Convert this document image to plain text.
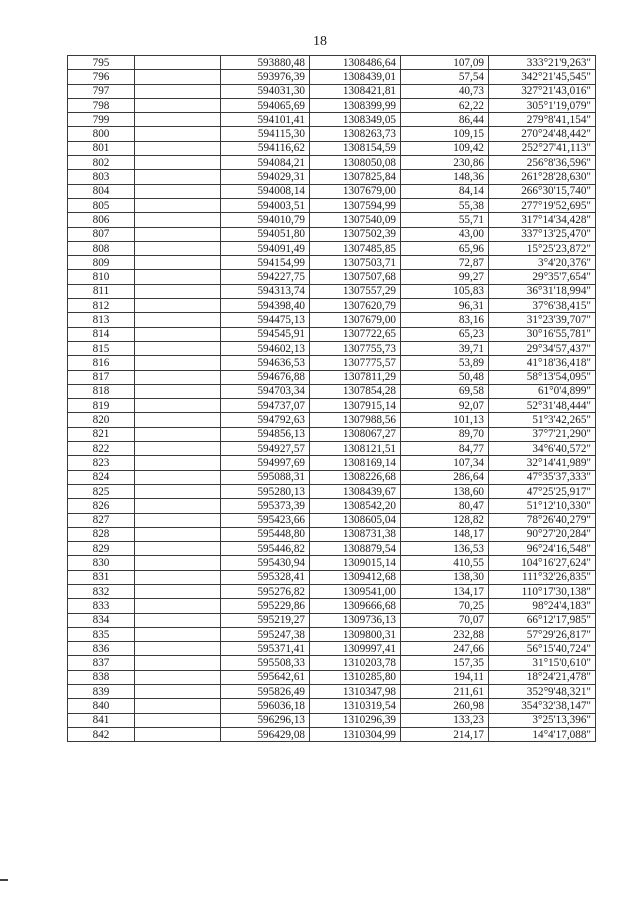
18
795		593880,48	1308486,64	107,09	333°21'9,263"
796		593976,39	1308439,01	57,54	342°21'45,545"
797		594031,30	1308421,81	40,73	327°21'43,016"
798		594065,69	1308399,99	62,22	305°1'19,079"
799		594101,41	1308349,05	86,44	279°8'41,154"
800		594115,30	1308263,73	109,15	270°24'48,442"
801		594116,62	1308154,59	109,42	252°27'41,113"
802		594084,21	1308050,08	230,86	256°8'36,596"
803		594029,31	1307825,84	148,36	261°28'28,630"
804		594008,14	1307679,00	84,14	266°30'15,740"
805		594003,51	1307594,99	55,38	277°19'52,695"
806		594010,79	1307540,09	55,71	317°14'34,428"
807		594051,80	1307502,39	43,00	337°13'25,470"
808		594091,49	1307485,85	65,96	15°25'23,872"
809		594154,99	1307503,71	72,87	3°4'20,376"
810		594227,75	1307507,68	99,27	29°35'7,654"
811		594313,74	1307557,29	105,83	36°31'18,994"
812		594398,40	1307620,79	96,31	37°6'38,415"
813		594475,13	1307679,00	83,16	31°23'39,707"
814		594545,91	1307722,65	65,23	30°16'55,781"
815		594602,13	1307755,73	39,71	29°34'57,437"
816		594636,53	1307775,57	53,89	41°18'36,418"
817		594676,88	1307811,29	50,48	58°13'54,095"
818		594703,34	1307854,28	69,58	61°0'4,899"
819		594737,07	1307915,14	92,07	52°31'48,444"
820		594792,63	1307988,56	101,13	51°3'42,265"
821		594856,13	1308067,27	89,70	37°7'21,290"
822		594927,57	1308121,51	84,77	34°6'40,572"
823		594997,69	1308169,14	107,34	32°14'41,989"
824		595088,31	1308226,68	286,64	47°35'37,333"
825		595280,13	1308439,67	138,60	47°25'25,917"
826		595373,39	1308542,20	80,47	51°12'10,330"
827		595423,66	1308605,04	128,82	78°26'40,279"
828		595448,80	1308731,38	148,17	90°27'20,284"
829		595446,82	1308879,54	136,53	96°24'16,548"
830		595430,94	1309015,14	410,55	104°16'27,624"
831		595328,41	1309412,68	138,30	111°32'26,835"
832		595276,82	1309541,00	134,17	110°17'30,138"
833		595229,86	1309666,68	70,25	98°24'4,183"
834		595219,27	1309736,13	70,07	66°12'17,985"
835		595247,38	1309800,31	232,88	57°29'26,817"
836		595371,41	1309997,41	247,66	56°15'40,724"
837		595508,33	1310203,78	157,35	31°15'0,610"
838		595642,61	1310285,80	194,11	18°24'21,478"
839		595826,49	1310347,98	211,61	352°9'48,321"
840		596036,18	1310319,54	260,98	354°32'38,147"
841		596296,13	1310296,39	133,23	3°25'13,396"
842		596429,08	1310304,99	214,17	14°4'17,088"
